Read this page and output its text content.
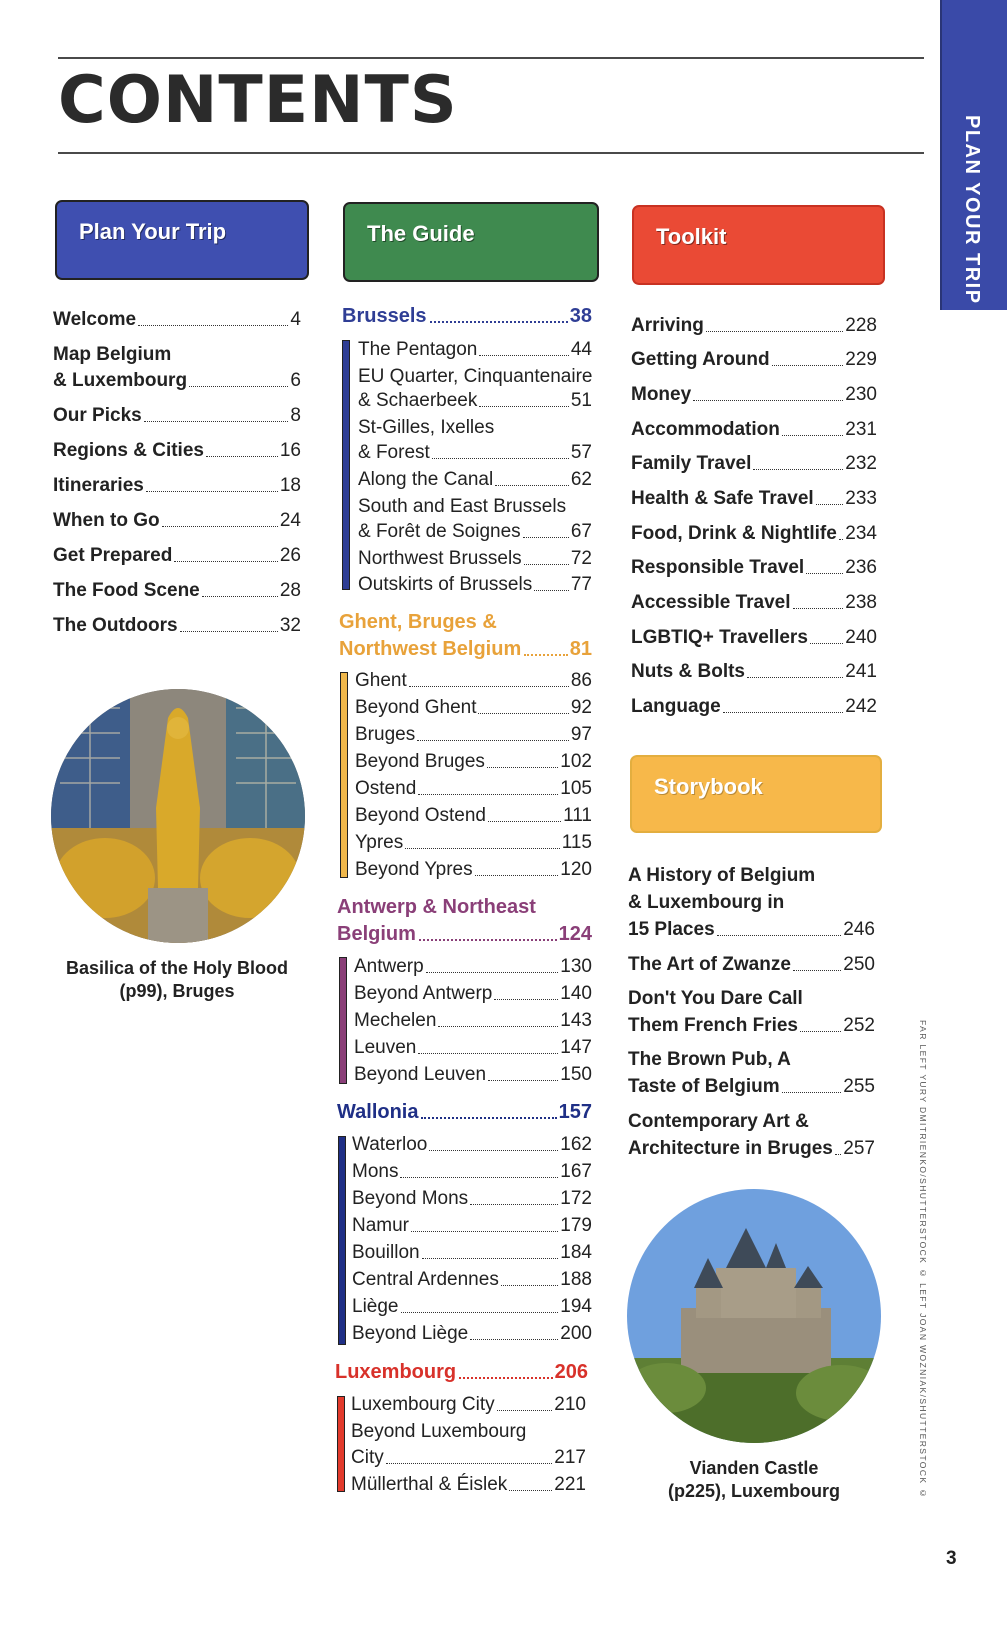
CONTENTS
PLAN YOUR TRIP
Plan Your Trip	The Guide	Toolkit
Storybook
Welcome	4
Map Belgium
& Luxembourg	6
Our Picks	8
Regions & Cities	16
Itineraries	18
When to Go	24
Get Prepared	26
The Food Scene	28
The Outdoors	32
Basilica of the Holy Blood
(p99), Bruges
Brussels	38
The Pentagon	44
EU Quarter, Cinquantenaire
& Schaerbeek	51
St-Gilles, Ixelles
& Forest	57
Along the Canal	62
South and East Brussels
& Forêt de Soignes	67
Northwest Brussels	72
Outskirts of Brussels 77
Ghent, Bruges &
Northwest Belgium 81
Ghent	86
Beyond Ghent	92
Bruges	97
Beyond Bruges	102
Ostend	105
Beyond Ostend	111
Ypres	115
Beyond Ypres	120
Antwerp & Northeast
Belgium	124
Antwerp	130
Beyond Antwerp	140
Mechelen	143
Leuven	147
Beyond Leuven	150
Wallonia	157
Waterloo	162
Mons	167
Beyond Mons	172
Namur	179
Bouillon	184
Central Ardennes	188
Liège	194
Beyond Liège	200
Luxembourg	206
Luxembourg City	210
Beyond Luxembourg
City	217
Müllerthal & Éislek 221
Arriving	228
Getting Around	229
Money	230
Accommodation	231
Family Travel	232
Health & Safe Travel 233
Food, Drink & Nightlife 234
Responsible Travel 236
Accessible Travel	238
LGBTIQ+ Travellers 240
Nuts & Bolts	241
Language	242
A History of Belgium
& Luxembourg in
15 Places	246
The Art of Zwanze	250
Don't You Dare Call
Them French Fries 252
The Brown Pub, A
Taste of Belgium	255
Contemporary Art &
Architecture in Bruges 257
Vianden Castle
(p225), Luxembourg	FAR LEFT YURY DMITRIENKO/SHUTTERSTOCK © LEFT JOAN WOZNIAK/SHUTTERSTOCK ©
3
